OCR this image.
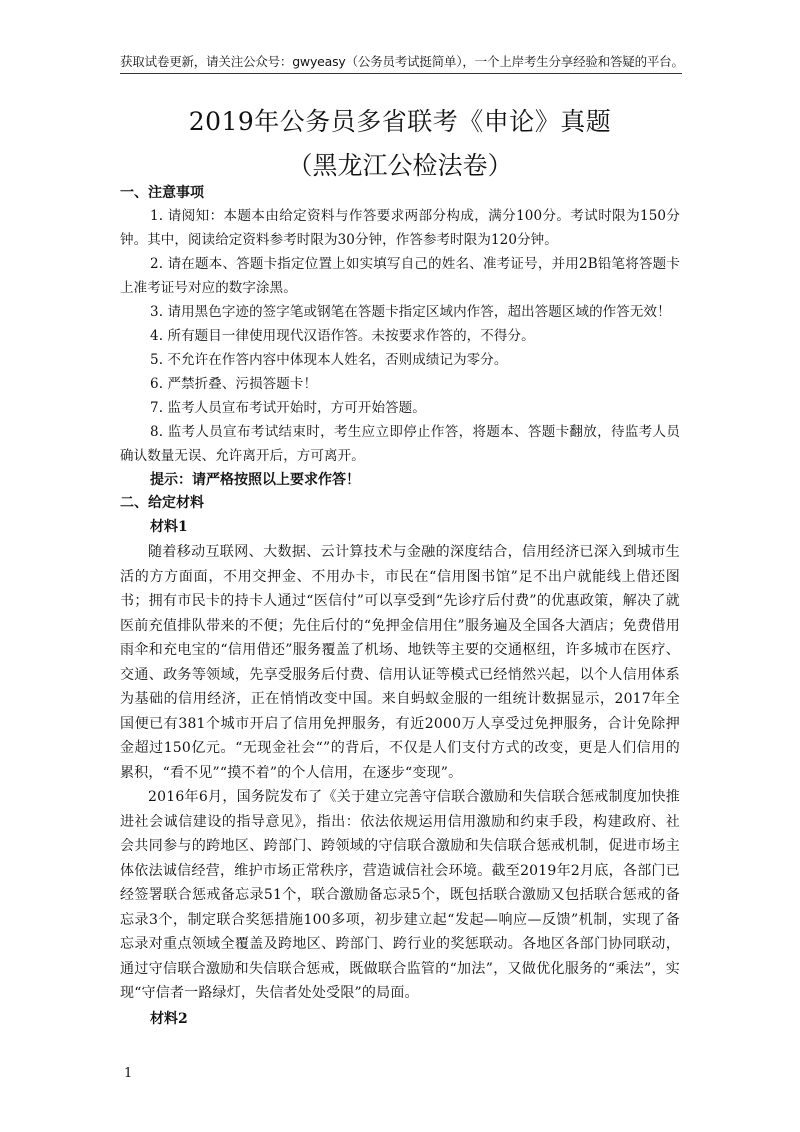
获取试卷更新，请关注公众号：gwyeasy（公务员考试挺简单），一个上岸考生分享经验和答疑的平台。
2019年公务员多省联考《申论》真题
（黑龙江公检法卷）
一、注意事项
1. 请阅知：本题本由给定资料与作答要求两部分构成，满分100分。考试时限为150分钟。其中，阅读给定资料参考时限为30分钟，作答参考时限为120分钟。
2. 请在题本、答题卡指定位置上如实填写自己的姓名、准考证号，并用2B铅笔将答题卡上准考证号对应的数字涂黑。
3. 请用黑色字迹的签字笔或钢笔在答题卡指定区域内作答，超出答题区域的作答无效！
4. 所有题目一律使用现代汉语作答。未按要求作答的，不得分。
5. 不允许在作答内容中体现本人姓名，否则成绩记为零分。
6. 严禁折叠、污损答题卡！
7. 监考人员宣布考试开始时，方可开始答题。
8. 监考人员宣布考试结束时，考生应立即停止作答，将题本、答题卡翻放，待监考人员确认数量无误、允许离开后，方可离开。
提示：请严格按照以上要求作答！
二、给定材料
材料1
随着移动互联网、大数据、云计算技术与金融的深度结合，信用经济已深入到城市生活的方方面面，不用交押金、不用办卡，市民在“信用图书馆”足不出户就能线上借还图书；拥有市民卡的持卡人通过“医信付”可以享受到“先诊疗后付费”的优惠政策，解决了就医前充值排队带来的不便；先住后付的“免押金信用住”服务遍及全国各大酒店；免费借用雨伞和充电宝的“信用借还”服务覆盖了机场、地铁等主要的交通枢纽，许多城市在医疗、交通、政务等领域，先享受服务后付费、信用认证等模式已经悄然兴起，以个人信用体系为基础的信用经济，正在悄悄改变中国。来自蚂蚁金服的一组统计数据显示，2017年全国便已有381个城市开启了信用免押服务，有近2000万人享受过免押服务，合计免除押金超过150亿元。“无现金社会“”的背后，不仅是人们支付方式的改变，更是人们信用的累积，“看不见”“摸不着”的个人信用，在逐步“变现”。
2016年6月，国务院发布了《关于建立完善守信联合激励和失信联合惩戒制度加快推进社会诚信建设的指导意见》，指出：依法依规运用信用激励和约束手段，构建政府、社会共同参与的跨地区、跨部门、跨领域的守信联合激励和失信联合惩戒机制，促进市场主体依法诚信经营，维护市场正常秩序，营造诚信社会环境。截至2019年2月底，各部门已经签署联合惩戒备忘录51个，联合激励备忘录5个，既包括联合激励又包括联合惩戒的备忘录3个，制定联合奖惩措施100多项，初步建立起“发起—响应—反馈”机制，实现了备忘录对重点领域全覆盖及跨地区、跨部门、跨行业的奖惩联动。各地区各部门协同联动，通过守信联合激励和失信联合惩戒，既做联合监管的“加法”，又做优化服务的“乘法”，实现“守信者一路绿灯，失信者处处受限”的局面。
材料2
1
